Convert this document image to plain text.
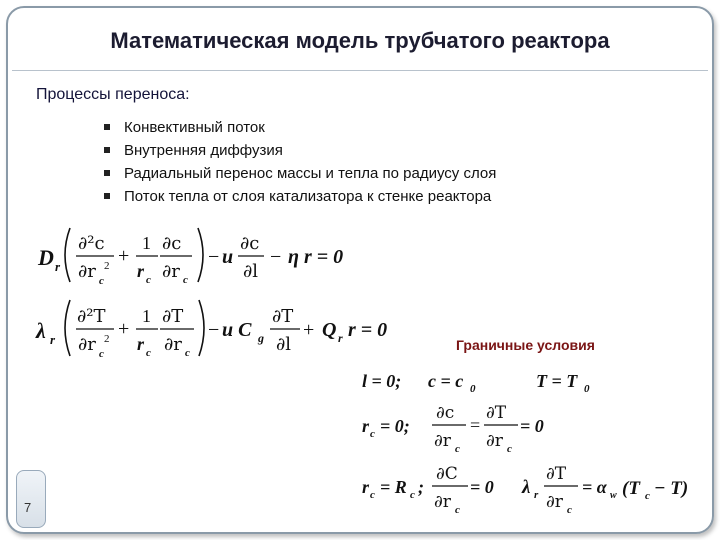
Математическая модель трубчатого реактора
Процессы переноса:
Конвективный поток
Внутренняя диффузия
Радиальный перенос массы и тепла по радиусу слоя
Поток тепла от слоя катализатора к стенке реактора
Граничные условия
D r
∂²c
∂r c
2 +
1
r c
∂c
∂r c
− u
∂c
∂l
− η r = 0
λ r
∂²T
∂r c
2 +
1
r c
∂T
∂r c
− u C g
∂T
∂l
+ Q r r = 0
l = 0; c = c 0	T = T 0
r c = 0;
∂c
∂r c
=
∂T
∂r c
= 0
r c = R c ;
∂C
∂r c
= 0 λ r
∂T
∂r c
= α w (T c − T)
7
